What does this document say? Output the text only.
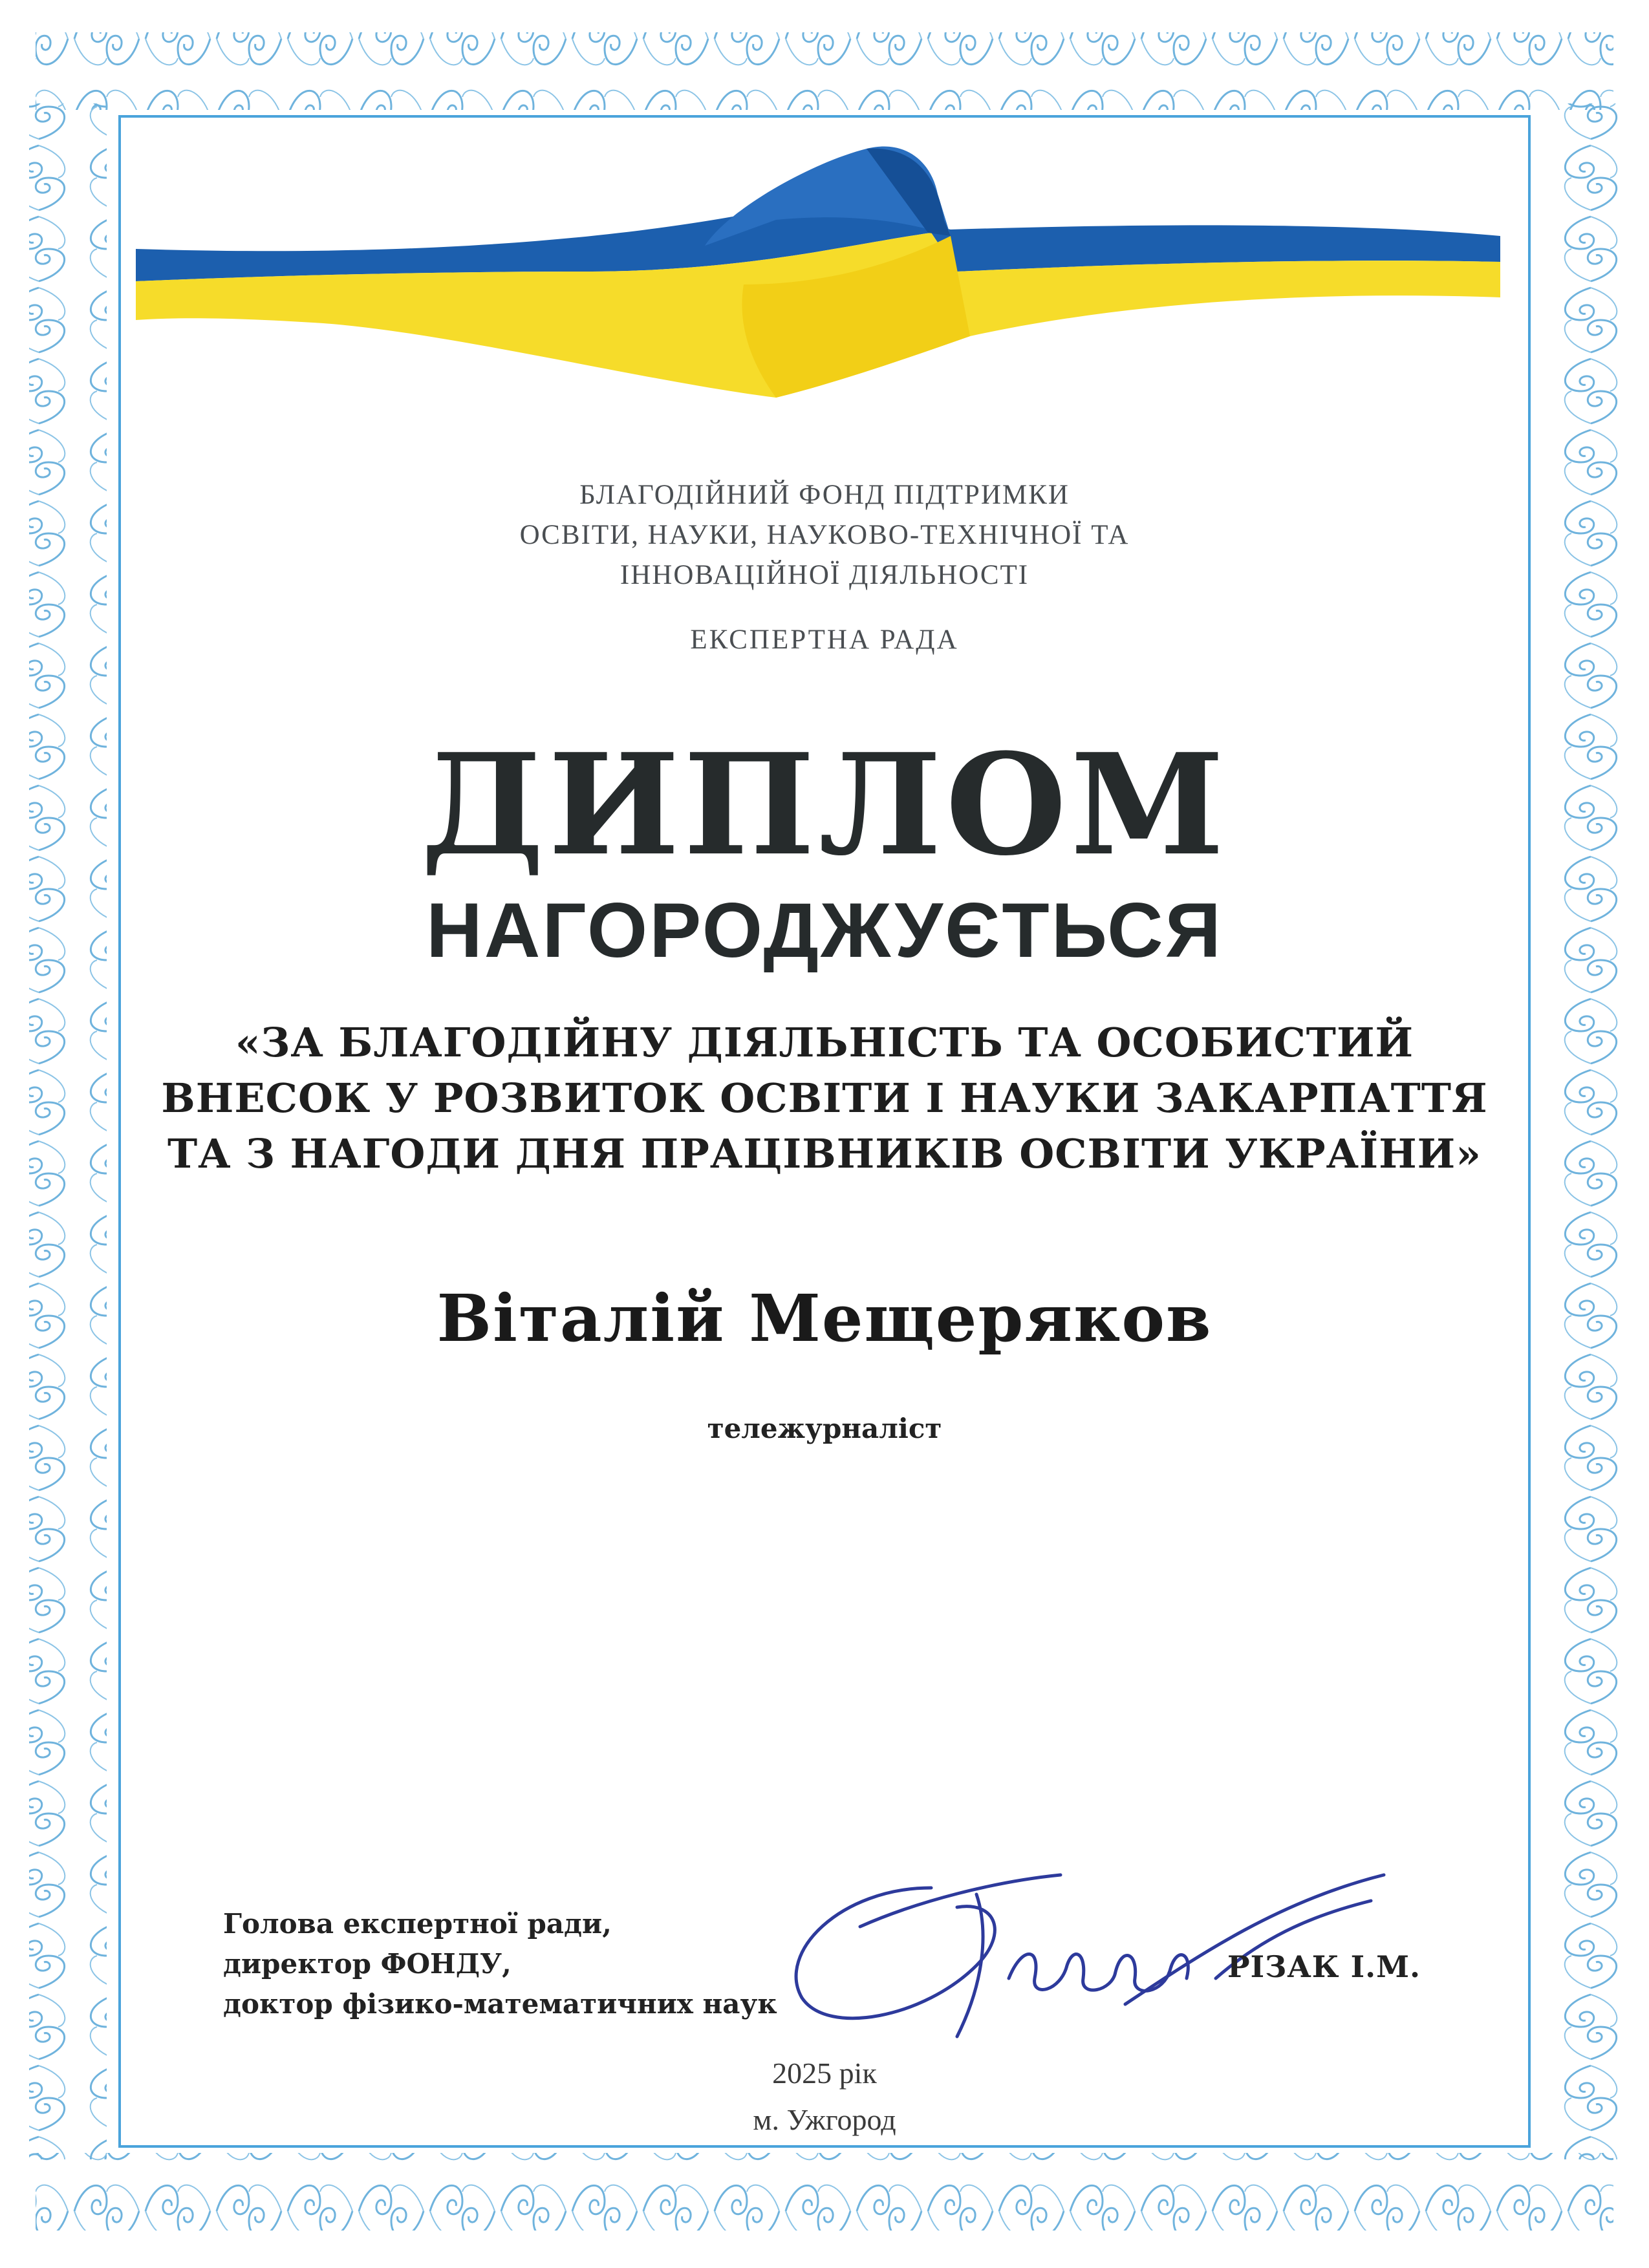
БЛАГОДІЙНИЙ ФОНД ПІДТРИМКИ
ОСВІТИ, НАУКИ, НАУКОВО-ТЕХНІЧНОЇ ТА
ІННОВАЦІЙНОЇ ДІЯЛЬНОСТІ
ЕКСПЕРТНА РАДА
ДИПЛОМ
НАГОРОДЖУЄТЬСЯ
«ЗА БЛАГОДІЙНУ ДІЯЛЬНІСТЬ ТА ОСОБИСТИЙ
ВНЕСОК У РОЗВИТОК ОСВІТИ І НАУКИ ЗАКАРПАТТЯ
ТА З НАГОДИ ДНЯ ПРАЦІВНИКІВ ОСВІТИ УКРАЇНИ»
Віталій Мещеряков
тележурналіст
Голова експертної ради,
директор ФОНДУ,
доктор фізико-математичних наук
РІЗАК І.М.
2025 рік
м. Ужгород
